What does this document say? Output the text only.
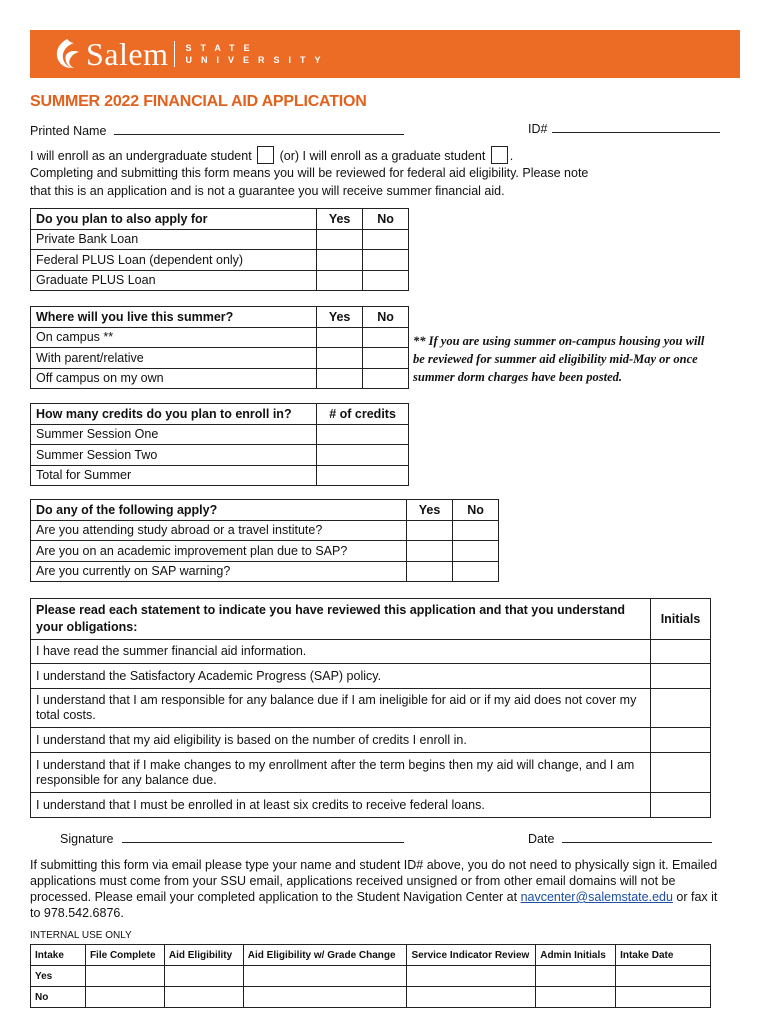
Salem STATE
UNIVERSITY
SUMMER 2022 FINANCIAL AID APPLICATION
Printed Name	ID#
I will enroll as an undergraduate student (or) I will enroll as a graduate student .
Completing and submitting this form means you will be reviewed for federal aid eligibility. Please note
that this is an application and is not a guarantee you will receive summer financial aid.
Do you plan to also apply for	Yes	No
Private Bank Loan		
Federal PLUS Loan (dependent only)		
Graduate PLUS Loan		
Where will you live this summer?	Yes	No
On campus **		
With parent/relative		
Off campus on my own		
** If you are using summer on-campus housing you will be reviewed for summer aid eligibility mid-May or once summer dorm charges have been posted.
How many credits do you plan to enroll in?	# of credits
Summer Session One	
Summer Session Two	
Total for Summer	
Do any of the following apply?	Yes	No
Are you attending study abroad or a travel institute?		
Are you on an academic improvement plan due to SAP?		
Are you currently on SAP warning?		
Please read each statement to indicate you have reviewed this application and that you understand your obligations:	Initials
I have read the summer financial aid information.	
I understand the Satisfactory Academic Progress (SAP) policy.	
I understand that I am responsible for any balance due if I am ineligible for aid or if my aid does not cover my total costs.	
I understand that my aid eligibility is based on the number of credits I enroll in.	
I understand that if I make changes to my enrollment after the term begins then my aid will change, and I am responsible for any balance due.	
I understand that I must be enrolled in at least six credits to receive federal loans.	
Signature	Date
If submitting this form via email please type your name and student ID# above, you do not need to physically sign it. Emailed applications must come from your SSU email, applications received unsigned or from other email domains will not be processed. Please email your completed application to the Student Navigation Center at navcenter@salemstate.edu or fax it to 978.542.6876.
INTERNAL USE ONLY
Intake	File Complete	Aid Eligibility	Aid Eligibility w/ Grade Change	Service Indicator Review	Admin Initials	Intake Date
Yes						
No						
